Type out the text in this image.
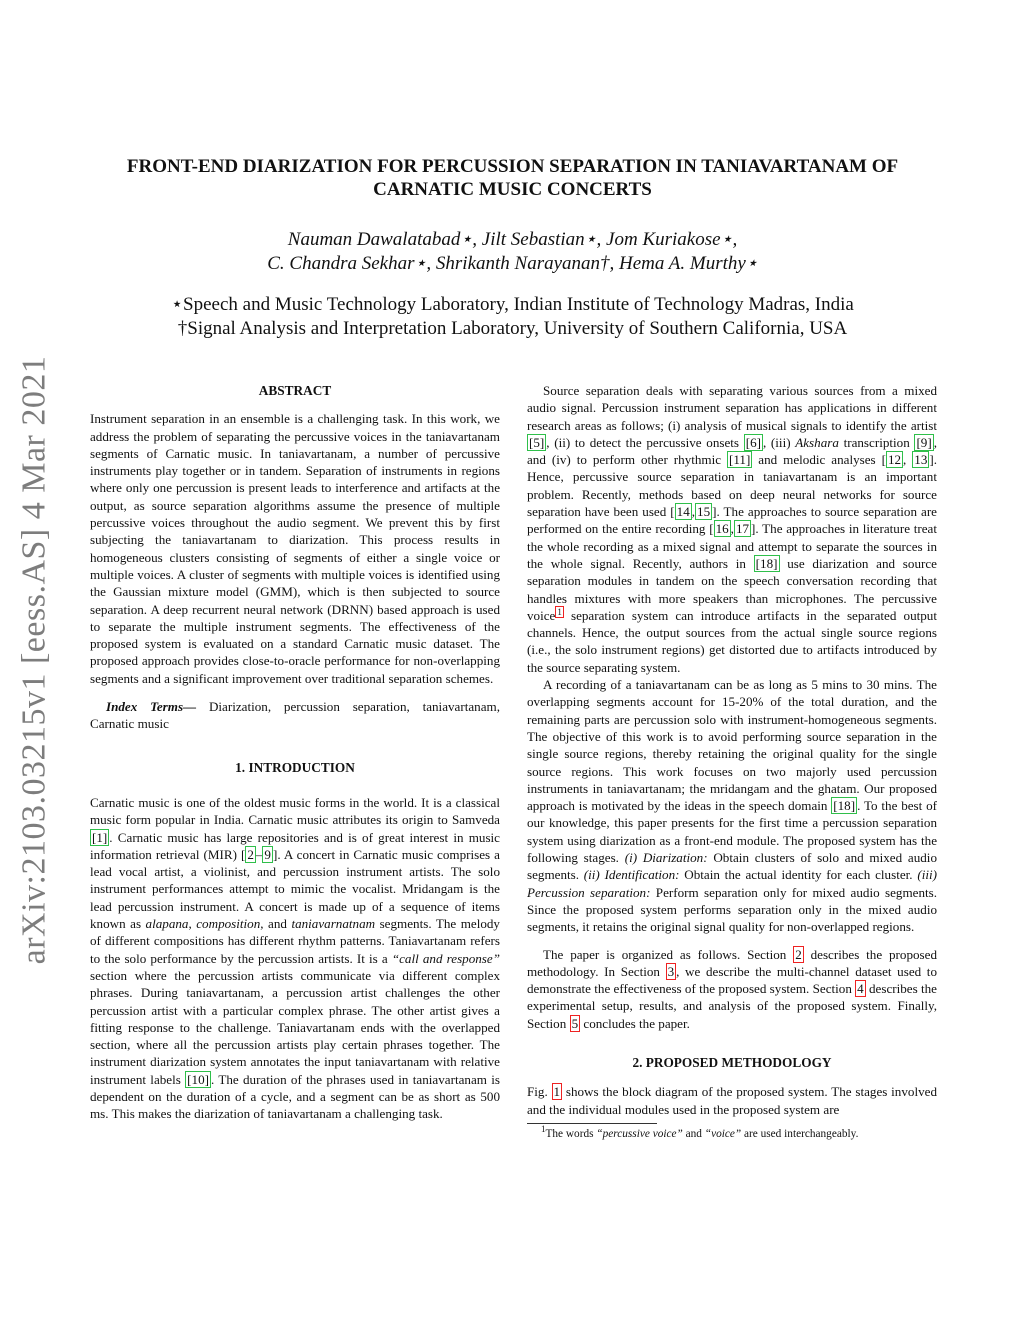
arXiv:2103.03215v1 [eess.AS] 4 Mar 2021
FRONT-END DIARIZATION FOR PERCUSSION SEPARATION IN TANIAVARTANAM OF CARNATIC MUSIC CONCERTS
Nauman Dawalatabad⋆, Jilt Sebastian⋆, Jom Kuriakose⋆,
C. Chandra Sekhar⋆, Shrikanth Narayanan†, Hema A. Murthy⋆
⋆Speech and Music Technology Laboratory, Indian Institute of Technology Madras, India
†Signal Analysis and Interpretation Laboratory, University of Southern California, USA

ABSTRACT

Instrument separation in an ensemble is a challenging task. In this work, we address the problem of separating the percussive voices in the taniavartanam segments of Carnatic music. In taniavartanam, a number of percussive instruments play together or in tandem. Separation of instruments in regions where only one percussion is present leads to interference and artifacts at the output, as source separation algorithms assume the presence of multiple percussive voices throughout the audio segment. We prevent this by first subjecting the taniavartanam to diarization. This process results in homogeneous clusters consisting of segments of either a single voice or multiple voices. A cluster of segments with multiple voices is identified using the Gaussian mixture model (GMM), which is then subjected to source separation. A deep recurrent neural network (DRNN) based approach is used to separate the multiple instrument segments. The effectiveness of the proposed system is evaluated on a standard Carnatic music dataset. The proposed approach provides close-to-oracle performance for non-overlapping segments and a significant improvement over traditional separation schemes.

Index Terms— Diarization, percussion separation, taniavartanam, Carnatic music

1. INTRODUCTION

Carnatic music is one of the oldest music forms in the world. It is a classical music form popular in India. Carnatic music attributes its origin to Samveda [1] . Carnatic music has large repositories and is of great interest in music information retrieval (MIR) [ 2 – 9 ]. A concert in Carnatic music comprises a lead vocal artist, a violinist, and percussion instrument artists. The solo instrument performances attempt to mimic the vocalist. Mridangam is the lead percussion instrument. A concert is made up of a sequence of items known as alapana, composition, and taniavarnatnam segments. The melody of different compositions has different rhythm patterns. Taniavartanam refers to the solo performance by the percussion artists. It is a “call and response” section where the percussion artists communicate via different complex phrases. During taniavartanam, a percussion artist challenges the other percussion artist with a particular complex phrase. The other artist gives a fitting response to the challenge. Taniavartanam ends with the overlapped section, where all the percussion artists play certain phrases together. The instrument diarization system annotates the input taniavartanam with relative instrument labels [10] . The duration of the phrases used in taniavartanam is dependent on the duration of a cycle, and a segment can be as short as 500 ms. This makes the diarization of taniavartanam a challenging task.

Source separation deals with separating various sources from a mixed audio signal. Percussion instrument separation has applications in different research areas as follows; (i) analysis of musical signals to identify the artist [5] , (ii) to detect the percussive onsets [6] , (iii) Akshara transcription [9] , and (iv) to perform other rhythmic [11] and melodic analyses [ 12 , 13 ]. Hence, percussive source separation in taniavartanam is an important problem. Recently, methods based on deep neural networks for source separation have been used [ 14 , 15 ]. The approaches to source separation are performed on the entire recording [ 16 , 17 ]. The approaches in literature treat the whole recording as a mixed signal and attempt to separate the sources in the whole signal. Recently, authors in [18] use diarization and source separation modules in tandem on the speech conversation recording that handles mixtures with more speakers than microphones. The percussive voice $^1$ separation system can introduce artifacts in the separated output channels. Hence, the output sources from the actual single source regions (i.e., the solo instrument regions) get distorted due to artifacts introduced by the source separating system.

A recording of a taniavartanam can be as long as 5 mins to 30 mins. The overlapping segments account for 15-20% of the total duration, and the remaining parts are percussion solo with instrument-homogeneous segments. The objective of this work is to avoid performing source separation in the single source regions, thereby retaining the original quality for the single source regions. This work focuses on two majorly used percussion instruments in taniavartanam; the mridangam and the ghatam. Our proposed approach is motivated by the ideas in the speech domain [18] . To the best of our knowledge, this paper presents for the first time a percussion separation system using diarization as a front-end module. The proposed system has the following stages. (i) Diarization: Obtain clusters of solo and mixed audio segments. (ii) Identification: Obtain the actual identity for each cluster. (iii) Percussion separation: Perform separation only for mixed audio segments. Since the proposed system performs separation only in the mixed audio segments, it retains the original signal quality for non-overlapped regions.

The paper is organized as follows. Section 2 describes the proposed methodology. In Section 3 , we describe the multi-channel dataset used to demonstrate the effectiveness of the proposed system. Section 4 describes the experimental setup, results, and analysis of the proposed system. Finally, Section 5 concludes the paper.

2. PROPOSED METHODOLOGY

Fig. 1 shows the block diagram of the proposed system. The stages involved and the individual modules used in the proposed system are

$^1$The words “percussive voice” and “voice” are used interchangeably.
